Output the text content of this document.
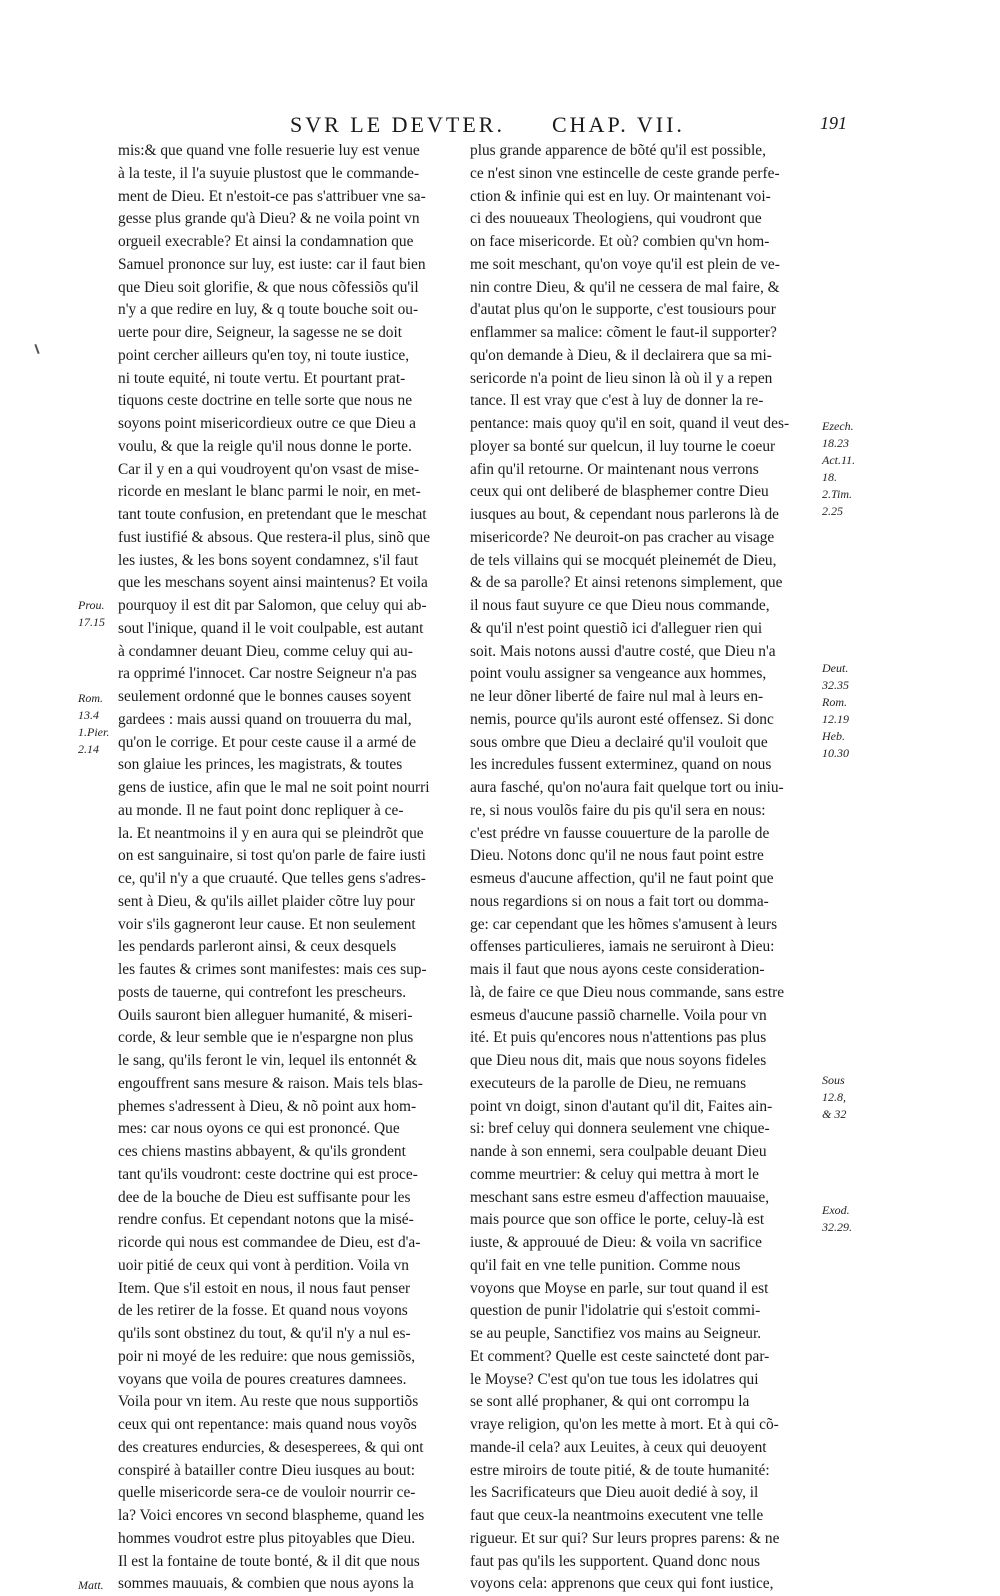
SVR LE DEVTER. CHAP. VII.	191
mis:& que quand vne folle resuerie luy est venue
à la teste, il l'a suyuie plustost que le commande-
ment de Dieu. Et n'estoit-ce pas s'attribuer vne sa-
gesse plus grande qu'à Dieu? & ne voila point vn
orgueil execrable? Et ainsi la condamnation que
Samuel prononce sur luy, est iuste: car il faut bien
que Dieu soit glorifie, & que nous cõfessiõs qu'il
n'y a que redire en luy, & q toute bouche soit ou-
uerte pour dire, Seigneur, la sagesse ne se doit
point cercher ailleurs qu'en toy, ni toute iustice,
ni toute equité, ni toute vertu. Et pourtant prat-
tiquons ceste doctrine en telle sorte que nous ne
soyons point misericordieux outre ce que Dieu a
voulu, & que la reigle qu'il nous donne le porte.
Car il y en a qui voudroyent qu'on vsast de mise-
ricorde en meslant le blanc parmi le noir, en met-
tant toute confusion, en pretendant que le meschat
fust iustifié & absous. Que restera-il plus, sinõ que
les iustes, & les bons soyent condamnez, s'il faut
que les meschans soyent ainsi maintenus? Et voila
pourquoy il est dit par Salomon, que celuy qui ab-
sout l'inique, quand il le voit coulpable, est autant
à condamner deuant Dieu, comme celuy qui au-
ra opprimé l'innocet. Car nostre Seigneur n'a pas
seulement ordonné que le bonnes causes soyent
gardees : mais aussi quand on trouuerra du mal,
qu'on le corrige. Et pour ceste cause il a armé de
son glaiue les princes, les magistrats, & toutes
gens de iustice, afin que le mal ne soit point nourri
au monde. Il ne faut point donc repliquer à ce-
la. Et neantmoins il y en aura qui se pleindrõt que
on est sanguinaire, si tost qu'on parle de faire iusti
ce, qu'il n'y a que cruauté. Que telles gens s'adres-
sent à Dieu, & qu'ils aillet plaider cõtre luy pour
voir s'ils gagneront leur cause. Et non seulement
les pendards parleront ainsi, & ceux desquels
les fautes & crimes sont manifestes: mais ces sup-
posts de tauerne, qui contrefont les prescheurs.
Ouils sauront bien alleguer humanité, & miseri-
corde, & leur semble que ie n'espargne non plus
le sang, qu'ils feront le vin, lequel ils entonnét &
engouffrent sans mesure & raison. Mais tels blas-
phemes s'adressent à Dieu, & nõ point aux hom-
mes: car nous oyons ce qui est prononcé. Que
ces chiens mastins abbayent, & qu'ils grondent
tant qu'ils voudront: ceste doctrine qui est proce-
dee de la bouche de Dieu est suffisante pour les
rendre confus. Et cependant notons que la misé-
ricorde qui nous est commandee de Dieu, est d'a-
uoir pitié de ceux qui vont à perdition. Voila vn
Item. Que s'il estoit en nous, il nous faut penser
de les retirer de la fosse. Et quand nous voyons
qu'ils sont obstinez du tout, & qu'il n'y a nul es-
poir ni moyé de les reduire: que nous gemissiõs,
voyans que voila de poures creatures damnees.
Voila pour vn item. Au reste que nous supportiõs
ceux qui ont repentance: mais quand nous voyõs
des creatures endurcies, & desesperees, & qui ont
conspiré à batailler contre Dieu iusques au bout:
quelle misericorde sera-ce de vouloir nourrir ce-
la? Voici encores vn second blaspheme, quand les
hommes voudrot estre plus pitoyables que Dieu.
Il est la fontaine de toute bonté, & il dit que nous
sommes mauuais, & combien que nous ayons la
plus grande apparence de bõté qu'il est possible,
ce n'est sinon vne estincelle de ceste grande perfe-
ction & infinie qui est en luy. Or maintenant voi-
ci des nouueaux Theologiens, qui voudront que
on face misericorde. Et où? combien qu'vn hom-
me soit meschant, qu'on voye qu'il est plein de ve-
nin contre Dieu, & qu'il ne cessera de mal faire, &
d'autat plus qu'on le supporte, c'est tousiours pour
enflammer sa malice: cõment le faut-il supporter?
qu'on demande à Dieu, & il declairera que sa mi-
sericorde n'a point de lieu sinon là où il y a repen
tance. Il est vray que c'est à luy de donner la re-
pentance: mais quoy qu'il en soit, quand il veut des-
ployer sa bonté sur quelcun, il luy tourne le coeur
afin qu'il retourne. Or maintenant nous verrons
ceux qui ont deliberé de blasphemer contre Dieu
iusques au bout, & cependant nous parlerons là de
misericorde? Ne deuroit-on pas cracher au visage
de tels villains qui se mocquét pleinemét de Dieu,
& de sa parolle? Et ainsi retenons simplement, que
il nous faut suyure ce que Dieu nous commande,
& qu'il n'est point questiõ ici d'alleguer rien qui
soit. Mais notons aussi d'autre costé, que Dieu n'a
point voulu assigner sa vengeance aux hommes,
ne leur dõner liberté de faire nul mal à leurs en-
nemis, pource qu'ils auront esté offensez. Si donc
sous ombre que Dieu a declairé qu'il vouloit que
les incredules fussent exterminez, quand on nous
aura fasché, qu'on no'aura fait quelque tort ou iniu-
re, si nous voulõs faire du pis qu'il sera en nous:
c'est prédre vn fausse couuerture de la parolle de
Dieu. Notons donc qu'il ne nous faut point estre
esmeus d'aucune affection, qu'il ne faut point que
nous regardions si on nous a fait tort ou domma-
ge: car cependant que les hõmes s'amusent à leurs
offenses particulieres, iamais ne seruiront à Dieu:
mais il faut que nous ayons ceste consideration-
là, de faire ce que Dieu nous commande, sans estre
esmeus d'aucune passiõ charnelle. Voila pour vn
ité. Et puis qu'encores nous n'attentions pas plus
que Dieu nous dit, mais que nous soyons fideles
executeurs de la parolle de Dieu, ne remuans
point vn doigt, sinon d'autant qu'il dit, Faites ain-
si: bref celuy qui donnera seulement vne chique-
nande à son ennemi, sera coulpable deuant Dieu
comme meurtrier: & celuy qui mettra à mort le
meschant sans estre esmeu d'affection mauuaise,
mais pource que son office le porte, celuy-là est
iuste, & approuué de Dieu: & voila vn sacrifice
qu'il fait en vne telle punition. Comme nous
voyons que Moyse en parle, sur tout quand il est
question de punir l'idolatrie qui s'estoit commi-
se au peuple, Sanctifiez vos mains au Seigneur.
Et comment? Quelle est ceste saincteté dont par-
le Moyse? C'est qu'on tue tous les idolatres qui
se sont allé prophaner, & qui ont corrompu la
vraye religion, qu'on les mette à mort. Et à qui cõ-
mande-il cela? aux Leuites, à ceux qui deuoyent
estre miroirs de toute pitié, & de toute humanité:
les Sacrificateurs que Dieu auoit dedié à soy, il
faut que ceux-la neantmoins executent vne telle
rigueur. Et sur qui? Sur leurs propres parens: & ne
faut pas qu'ils les supportent. Quand donc nous
voyons cela: apprenons que ceux qui font iustice,
Prou.
17.15
Rom.
13.4
1.Pier.
2.14
Matt.
Ezech.
18.23
Act.11.
18.
2.Tim.
2.25
Deut.
32.35
Rom.
12.19
Heb.
10.30
Sous
12.8,
& 32
Exod.
32.29.
